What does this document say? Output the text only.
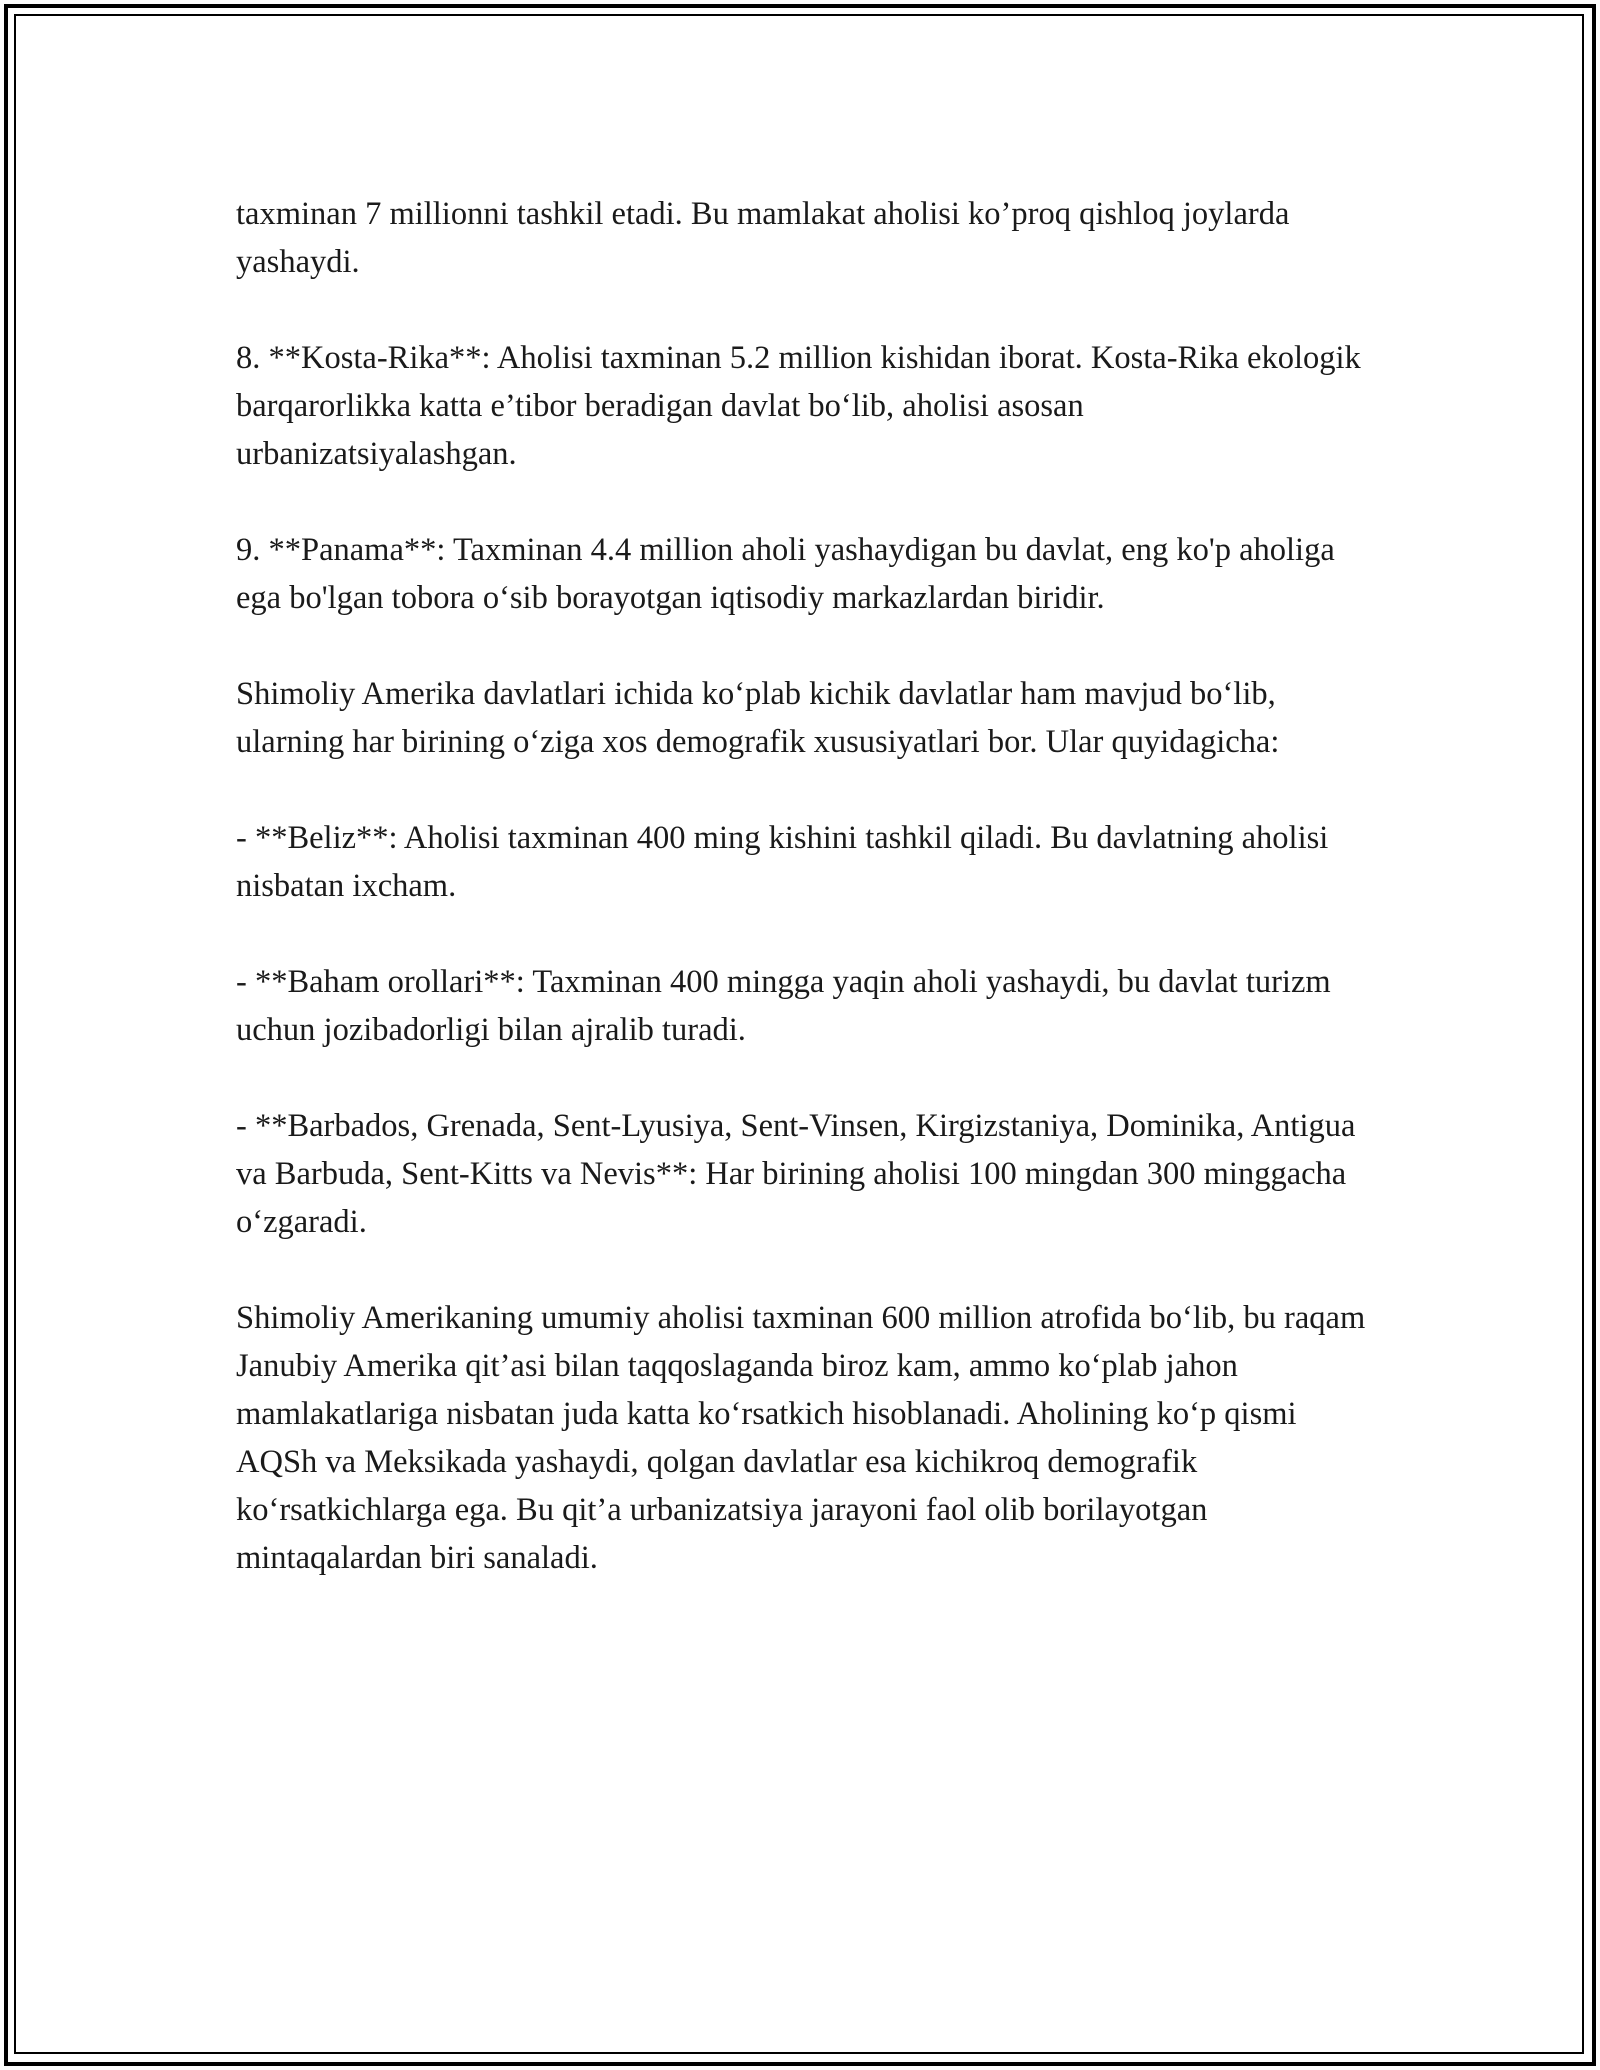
taxminan 7 millionni tashkil etadi. Bu mamlakat aholisi ko’proq qishloq joylarda yashaydi.

8. **Kosta-Rika**: Aholisi taxminan 5.2 million kishidan iborat. Kosta-Rika ekologik barqarorlikka katta e’tibor beradigan davlat boʻlib, aholisi asosan urbanizatsiyalashgan.

9. **Panama**: Taxminan 4.4 million aholi yashaydigan bu davlat, eng ko'p aholiga ega bo'lgan tobora oʻsib borayotgan iqtisodiy markazlardan biridir.

Shimoliy Amerika davlatlari ichida koʻplab kichik davlatlar ham mavjud boʻlib, ularning har birining oʻziga xos demografik xususiyatlari bor. Ular quyidagicha:

- **Beliz**: Aholisi taxminan 400 ming kishini tashkil qiladi. Bu davlatning aholisi nisbatan ixcham.

- **Baham orollari**: Taxminan 400 mingga yaqin aholi yashaydi, bu davlat turizm uchun jozibadorligi bilan ajralib turadi.

- **Barbados, Grenada, Sent-Lyusiya, Sent-Vinsen, Kirgizstaniya, Dominika, Antigua va Barbuda, Sent-Kitts va Nevis**: Har birining aholisi 100 mingdan 300 minggacha oʻzgaradi.

Shimoliy Amerikaning umumiy aholisi taxminan 600 million atrofida boʻlib, bu raqam Janubiy Amerika qit’asi bilan taqqoslaganda biroz kam, ammo koʻplab jahon mamlakatlariga nisbatan juda katta koʻrsatkich hisoblanadi. Aholining koʻp qismi AQSh va Meksikada yashaydi, qolgan davlatlar esa kichikroq demografik koʻrsatkichlarga ega. Bu qit’a urbanizatsiya jarayoni faol olib borilayotgan mintaqalardan biri sanaladi.
